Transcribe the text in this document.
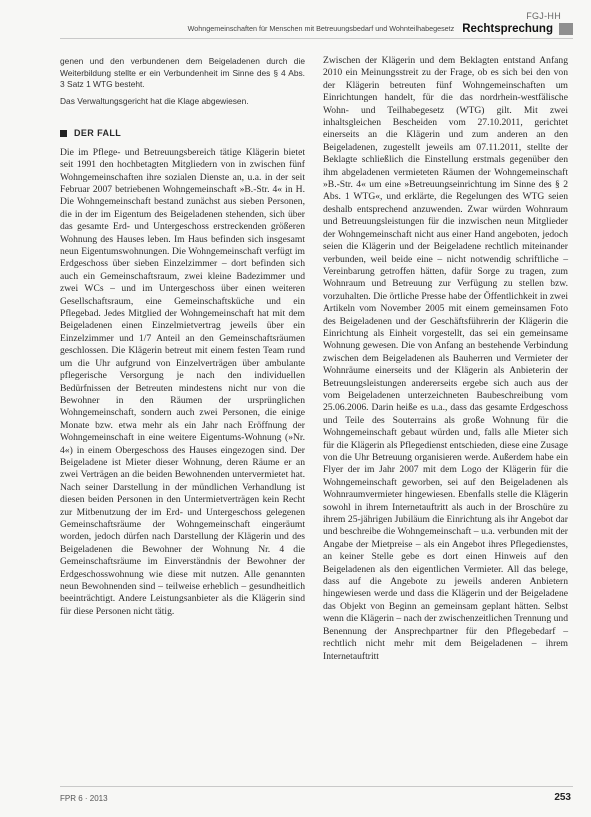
FGJ-HH
Wohngemeinschaften für Menschen mit Betreuungsbedarf und Wohnteilhabegesetz Rechtsprechung

genen und den verbundenen dem Beigeladenen durch die Weiterbildung stellte er ein Verbundenheit im Sinne des § 4 Abs. 3 Satz 1 WTG besteht.

Das Verwaltungsgericht hat die Klage abgewiesen.

DER FALL

Die im Pflege- und Betreuungsbereich tätige Klägerin bietet seit 1991 den hochbetagten Mitgliedern von in zwischen fünf Wohngemeinschaften ihre sozialen Dienste an, u.a. in der seit Februar 2007 betriebenen Wohngemeinschaft »B.-Str. 4« in H. Die Wohngemeinschaft bestand zunächst aus sieben Personen, die in der im Eigentum des Beigeladenen stehenden, sich über das gesamte Erd- und Untergeschoss erstreckenden größeren Wohnung des Hauses leben. Im Haus befinden sich insgesamt neun Eigentumswohnungen. Die Wohngemeinschaft verfügt im Erdgeschoss über sieben Einzelzimmer – dort befinden sich auch ein Gemeinschaftsraum, zwei kleine Badezimmer und zwei WCs – und im Untergeschoss über einen weiteren Gesellschaftsraum, eine Gemeinschaftsküche und ein Pflegebad. Jedes Mitglied der Wohngemeinschaft hat mit dem Beigeladenen einen Einzelmietvertrag jeweils über ein Einzelzimmer und 1/7 Anteil an den Gemeinschaftsräumen geschlossen. Die Klägerin betreut mit einem festen Team rund um die Uhr aufgrund von Einzelverträgen über ambulante pflegerische Versorgung je nach den individuellen Bedürfnissen der Betreuten mindestens nicht nur von die Bewohner in den Räumen der ursprünglichen Wohngemeinschaft, sondern auch zwei Personen, die einige Monate bzw. etwa mehr als ein Jahr nach Eröffnung der Wohngemeinschaft in eine weitere Eigentums-Wohnung (»Nr. 4«) in einem Obergeschoss des Hauses eingezogen sind. Der Beigeladene ist Mieter dieser Wohnung, deren Räume er an zwei Verträgen an die beiden Bewohnenden untervermietet hat. Nach seiner Darstellung in der mündlichen Verhandlung ist diesen beiden Personen in den Untermietverträgen kein Recht zur Mitbenutzung der im Erd- und Untergeschoss gelegenen Gemeinschaftsräume der Wohngemeinschaft eingeräumt worden, jedoch dürfen nach Darstellung der Klägerin und des Beigeladenen die Bewohner der Wohnung Nr. 4 die Gemeinschaftsräume im Einverständnis der Bewohner der Erdgeschosswohnung wie diese mit nutzen. Alle genannten neun Bewohnenden sind – teilweise erheblich – gesundheitlich beeinträchtigt. Andere Leistungsanbieter als die Klägerin sind für diese Personen nicht tätig.

Zwischen der Klägerin und dem Beklagten entstand Anfang 2010 ein Meinungsstreit zu der Frage, ob es sich bei den von der Klägerin betreuten fünf Wohngemeinschaften um Einrichtungen handelt, für die das nordrhein-westfälische Wohn- und Teilhabegesetz (WTG) gilt. Mit zwei inhaltsgleichen Bescheiden vom 27.10.2011, gerichtet einerseits an die Klägerin und zum anderen an den Beigeladenen, zugestellt jeweils am 07.11.2011, stellte der Beklagte schließlich die Einstellung erstmals gegenüber den ihm abgeladenen vermieteten Räumen der Wohngemeinschaft »B.-Str. 4« um eine »Betreuungseinrichtung im Sinne des § 2 Abs. 1 WTG«, und erklärte, die Regelungen des WTG seien deshalb entsprechend anzuwenden. Zwar würden Wohnraum und Betreuungsleistungen für die inzwischen neun Mitglieder der Wohngemeinschaft nicht aus einer Hand angeboten, jedoch seien die Klägerin und der Beigeladene rechtlich miteinander verbunden, weil beide eine – nicht notwendig schriftliche – Vereinbarung getroffen hätten, dafür Sorge zu tragen, zum Wohnraum und Betreuung zur Verfügung zu stellen bzw. vorzuhalten. Die örtliche Presse habe der Öffentlichkeit in zwei Artikeln vom November 2005 mit einem gemeinsamen Foto des Beigeladenen und der Geschäftsführerin der Klägerin die Einrichtung als Einheit vorgestellt, das sei ein gemeinsame Wohnung gewesen. Die von Anfang an bestehende Verbindung zwischen dem Beigeladenen als Bauherren und Vermieter der Wohnräume einerseits und der Klägerin als Anbieterin der Betreuungsleistungen andererseits ergebe sich auch aus der vom Beigeladenen unterzeichneten Baubeschreibung vom 25.06.2006. Darin heiße es u.a., dass das gesamte Erdgeschoss und Teile des Souterrains als große Wohnung für die Wohngemeinschaft gebaut würden und, falls alle Mieter sich für die Klägerin als Pflegedienst entschieden, diese eine Zusage von die Uhr Betreuung organisieren werde. Außerdem habe ein Flyer der im Jahr 2007 mit dem Logo der Klägerin für die Wohngemeinschaft geworben, sei auf den Beigeladenen als Wohnraumvermieter hingewiesen. Ebenfalls stelle die Klägerin sowohl in ihrem Internetauftritt als auch in der Broschüre zu ihrem 25-jährigen Jubiläum die Einrichtung als ihr Angebot dar und beschreibe die Wohngemeinschaft – u.a. verbunden mit der Angabe der Mietpreise – als ein Angebot ihres Pflegedienstes, an keiner Stelle gebe es dort einen Hinweis auf den Beigeladenen als den eigentlichen Vermieter. All das belege, dass auf die Angebote zu jeweils anderen Anbietern hingewiesen werde und dass die Klägerin und der Beigeladene das Objekt von Beginn an gemeinsam geplant hätten. Selbst wenn die Klägerin – nach der zwischenzeitlichen Trennung und Benennung der Ansprechpartner für den Pflegebedarf – rechtlich nicht mehr mit dem Beigeladenen – ihrem Internetauftritt

FPR 6 · 2013	253
